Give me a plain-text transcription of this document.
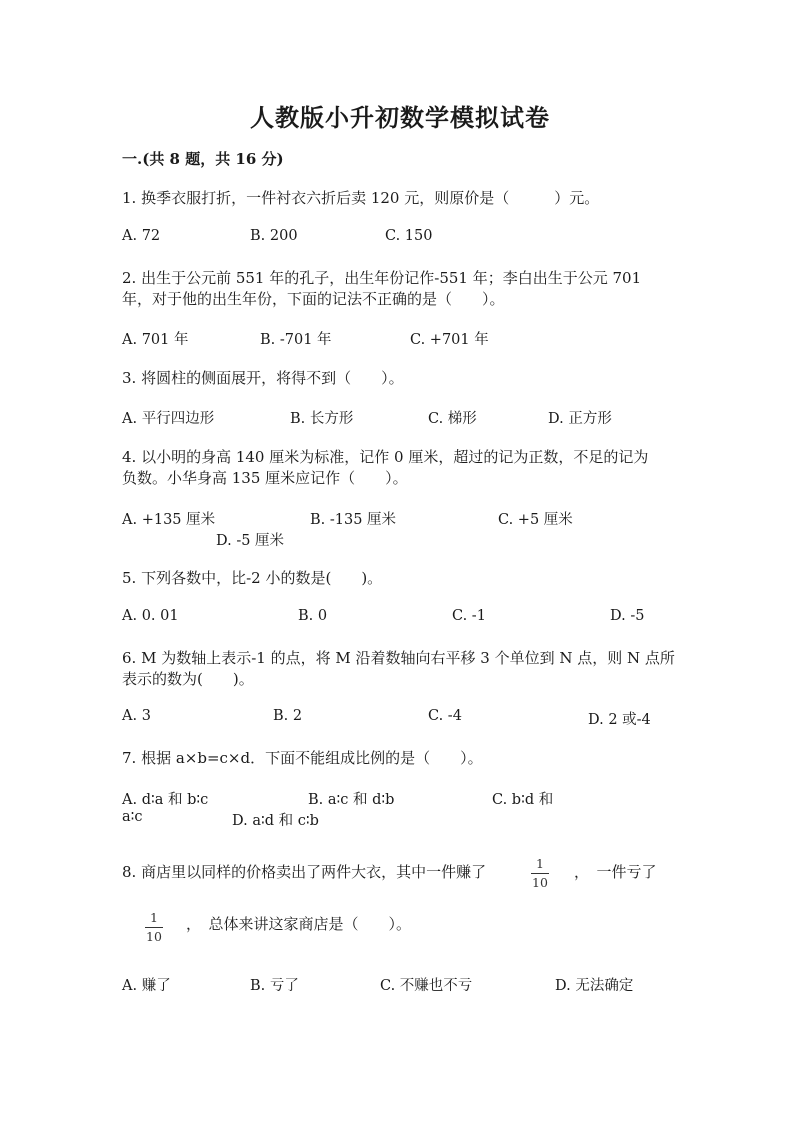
人教版小升初数学模拟试卷
一.(共 8 题，共 16 分)
1. 换季衣服打折，一件衬衣六折后卖 120 元，则原价是（　　　）元。
A. 72	B. 200	C. 150
2. 出生于公元前 551 年的孔子，出生年份记作-551 年；李白出生于公元 701
年，对于他的出生年份，下面的记法不正确的是（　　）。
A. 701 年	B. -701 年	C. +701 年
3. 将圆柱的侧面展开，将得不到（　　）。
A. 平行四边形	B. 长方形	C. 梯形	D. 正方形
4. 以小明的身高 140 厘米为标准，记作 0 厘米，超过的记为正数，不足的记为
负数。小华身高 135 厘米应记作（　　）。
A. +135 厘米	B. -135 厘米	C. +5 厘米
D. -5 厘米
5. 下列各数中，比-2 小的数是(　　)。
A. 0. 01	B. 0	C. -1	D. -5
6. M 为数轴上表示-1 的点，将 M 沿着数轴向右平移 3 个单位到 N 点，则 N 点所
表示的数为(　　)。
A. 3	B. 2	C. -4	D. 2 或-4
7. 根据 a×b=c×d．下面不能组成比例的是（　　）。
A. d∶a 和 b∶c	B. a∶c 和 d∶b	C. b∶d 和
a∶c	D. a∶d 和 c∶b
8. 商店里以同样的价格卖出了两件大衣，其中一件赚了	1
10
，　一件亏了
1
10
，　总体来讲这家商店是（　　）。
A. 赚了	B. 亏了	C. 不赚也不亏	D. 无法确定
